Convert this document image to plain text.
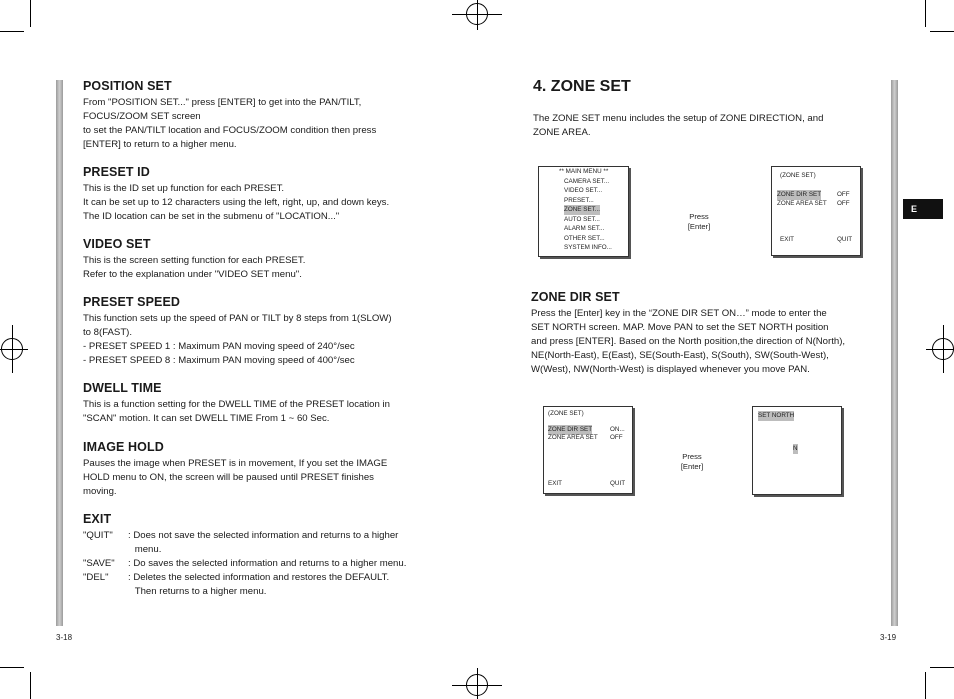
E
POSITION SET

From "POSITION SET..." press [ENTER] to get into the PAN/TILT,

FOCUS/ZOOM SET screen

to set the PAN/TILT location and FOCUS/ZOOM condition then press

[ENTER] to return to a higher menu.

PRESET ID

This is the ID set up function for each PRESET.

It can be set up to 12 characters using the left, right, up, and down keys.

The ID location can be set in the submenu of "LOCATION..."

VIDEO SET

This is the screen setting function for each PRESET.

Refer to the explanation under "VIDEO SET menu".

PRESET SPEED

This function sets up the speed of PAN or TILT by 8 steps from 1(SLOW)

to 8(FAST).

- PRESET SPEED 1 : Maximum PAN moving speed of 240°/sec

- PRESET SPEED 8 : Maximum PAN moving speed of 400°/sec

DWELL TIME

This is a function setting for the DWELL TIME of the PRESET location in

"SCAN" motion. It can set DWELL TIME From 1 ~ 60 Sec.

IMAGE HOLD

Pauses the image when PRESET is in movement, If you set the IMAGE

HOLD menu to ON, the screen will be paused until PRESET finishes

moving.

EXIT
"QUIT"	: Does not save the selected information and returns to a higher
menu.
"SAVE"	: Do saves the selected information and returns to a higher menu.
"DEL"	: Deletes the selected information and restores the DEFAULT.
Then returns to a higher menu.
3-18
4. ZONE SET

The ZONE SET menu includes the setup of ZONE DIRECTION, and

ZONE AREA.

** MAIN MENU **
CAMERA SET...
VIDEO SET...
PRESET...
ZONE SET...
AUTO SET...
ALARM SET...
OTHER SET...
SYSTEM INFO...
Press
[Enter]
(ZONE SET)
ZONE DIR SET	OFF
ZONE AREA SET OFF
EXIT	QUIT
ZONE DIR SET

Press the [Enter] key in the “ZONE DIR SET ON…” mode to enter the

SET NORTH screen. MAP. Move PAN to set the SET NORTH position

and press [ENTER]. Based on the North position,the direction of N(North),

NE(North-East), E(East), SE(South-East), S(South), SW(South-West),

W(West), NW(North-West) is displayed whenever you move PAN.

(ZONE SET)
ZONE DIR SET	ON...
ZONE AREA SET OFF
EXIT	QUIT
Press
[Enter]
SET NORTH
N
3-19
